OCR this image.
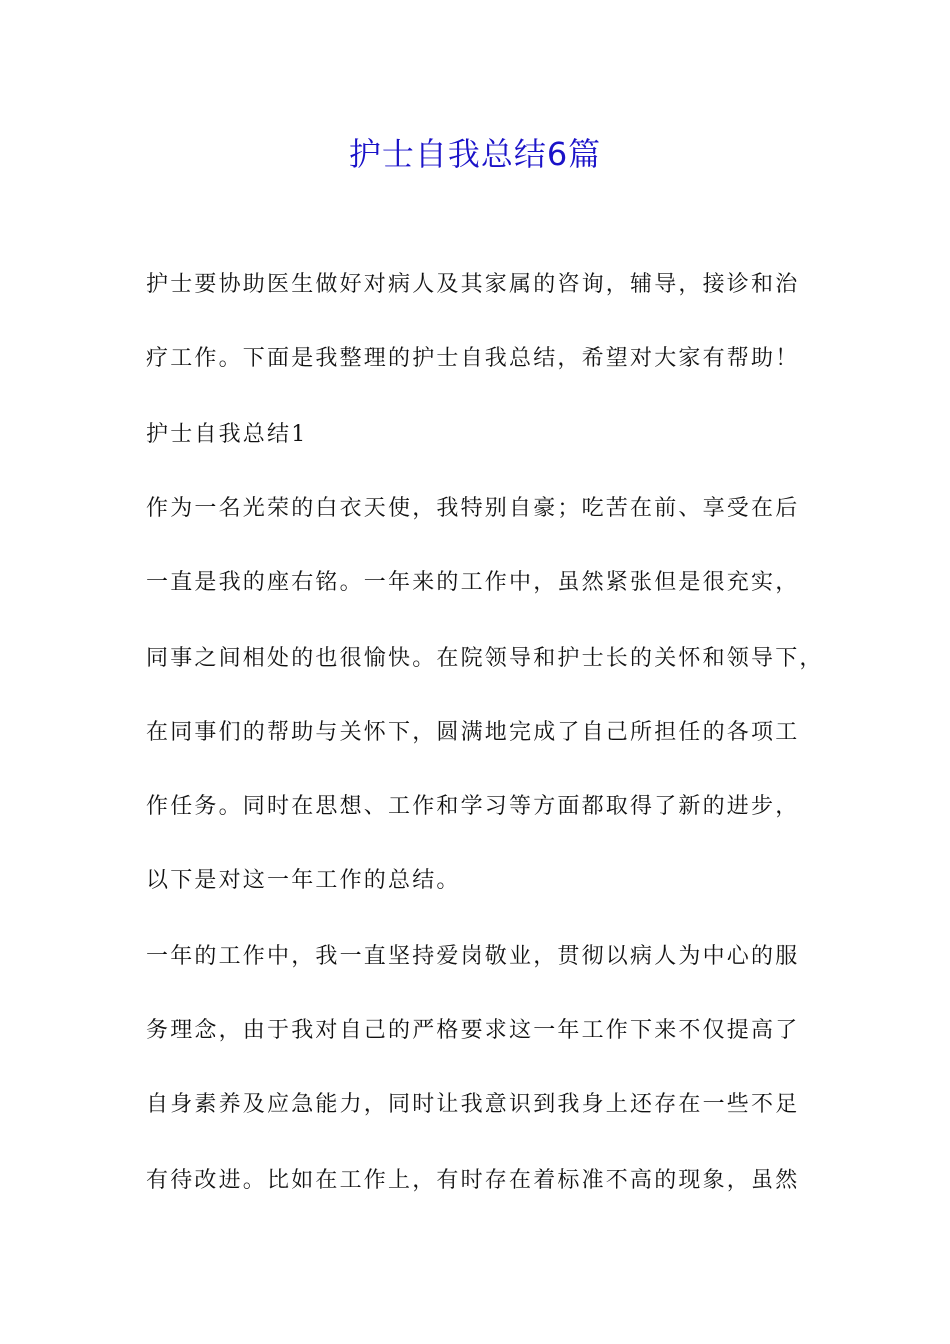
护士自我总结6篇

护士要协助医生做好对病人及其家属的咨询，辅导，接诊和治

疗工作。下面是我整理的护士自我总结，希望对大家有帮助！

护士自我总结1

作为一名光荣的白衣天使，我特别自豪；吃苦在前、享受在后

一直是我的座右铭。一年来的工作中，虽然紧张但是很充实，

同事之间相处的也很愉快。在院领导和护士长的关怀和领导下，

在同事们的帮助与关怀下，圆满地完成了自己所担任的各项工

作任务。同时在思想、工作和学习等方面都取得了新的进步，

以下是对这一年工作的总结。

一年的工作中，我一直坚持爱岗敬业，贯彻以病人为中心的服

务理念，由于我对自己的严格要求这一年工作下来不仅提高了

自身素养及应急能力，同时让我意识到我身上还存在一些不足

有待改进。比如在工作上，有时存在着标准不高的现象，虽然
